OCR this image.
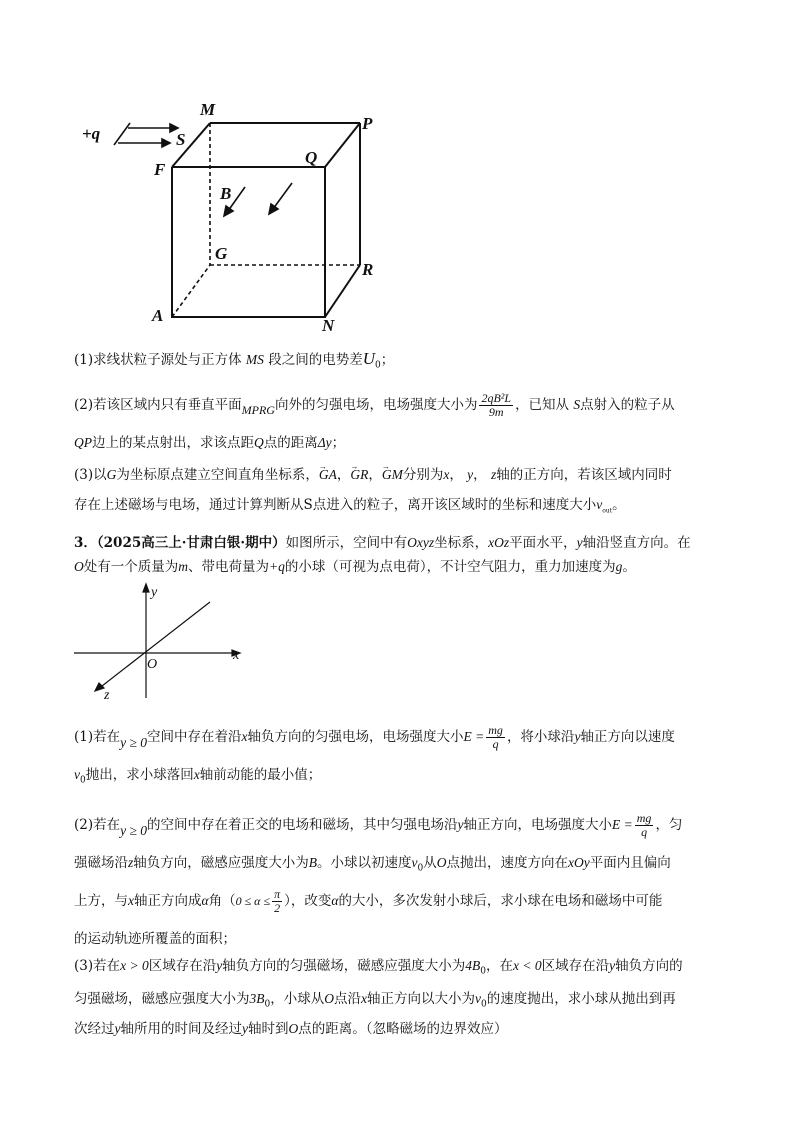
+q
M
P
S
F
Q
B
G
R
A
N
(1)求线状粒子源处与正方体 MS 段之间的电势差$U_0$；
(2)若该区域内只有垂直平面MPRG向外的匀强电场，电场强度大小为 $\frac{\text{2qB²L}}{9m}$ ，已知从 S点射入的粒子从
QP边上的某点射出，求该点距Q点的距离Δy；
(3)以G为坐标原点建立空间直角坐标系，→ GA，→ GR，→ GM分别为x， y， z轴的正方向，若该区域内同时
存在上述磁场与电场，通过计算判断从S点进入的粒子，离开该区域时的坐标和速度大小$v_{out}$。
3．（2025高三上·甘肃白银·期中）如图所示，空间中有Oxyz坐标系，xOz平面水平，y轴沿竖直方向。在
O处有一个质量为m、带电荷量为+q的小球（可视为点电荷），不计空气阻力，重力加速度为g。
y
x
z
O
(1)若在y ≥ 0空间中存在着沿x轴负方向的匀强电场，电场强度大小$E = \frac{mg}{q}$ ，将小球沿y轴正方向以速度
$v_0$抛出，求小球落回x轴前动能的最小值；
(2)若在y ≥ 0的空间中存在着正交的电场和磁场，其中匀强电场沿y轴正方向，电场强度大小$E = \frac{mg}{q}$ ，匀
强磁场沿z轴负方向，磁感应强度大小为B。小球以初速度$v_0$从O点抛出，速度方向在xOy平面内且偏向
上方，与x轴正方向成α角（$0 \le \alpha \le \frac{\pi}{2}$ ），改变α的大小，多次发射小球后，求小球在电场和磁场中可能
的运动轨迹所覆盖的面积；
(3)若在x > 0区域存在沿y轴负方向的匀强磁场，磁感应强度大小为$4B_0$，在x < 0区域存在沿y轴负方向的
匀强磁场，磁感应强度大小为$3B_0$，小球从O点沿x轴正方向以大小为$v_0$的速度抛出，求小球从抛出到再
次经过y轴所用的时间及经过y轴时到O点的距离。（忽略磁场的边界效应）
